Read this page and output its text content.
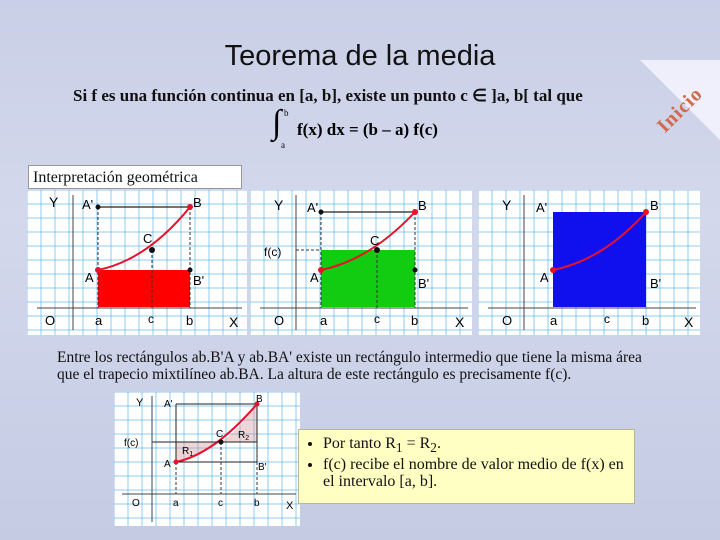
Teorema de la media
Inicio
Si f es una función continua en [a, b], existe un punto c ∈ ]a, b[ tal que
∫ b
a
f(x) dx = (b – a) f(c)
Interpretación geométrica
Y A'	B
C
A	B'
O	a	c b	X
Y A'	B
f(c)
C
A	B'
O	a	c b	X
Y A'	B
A	B'
O	a	c b X
Entre los rectángulos ab.B'A y ab.BA' existe un rectángulo intermedio que tiene la misma área que el trapecio mixtilíneo ab.BA. La altura de este rectángulo es precisamente f(c).
Y A'	B
f(c)
$R_1$
C $R_2$
A	B'
O	a	c	b X
• Por tanto $R_1 = R_2$.
• f(c) recibe el nombre de valor medio de f(x) en el intervalo [a, b].
